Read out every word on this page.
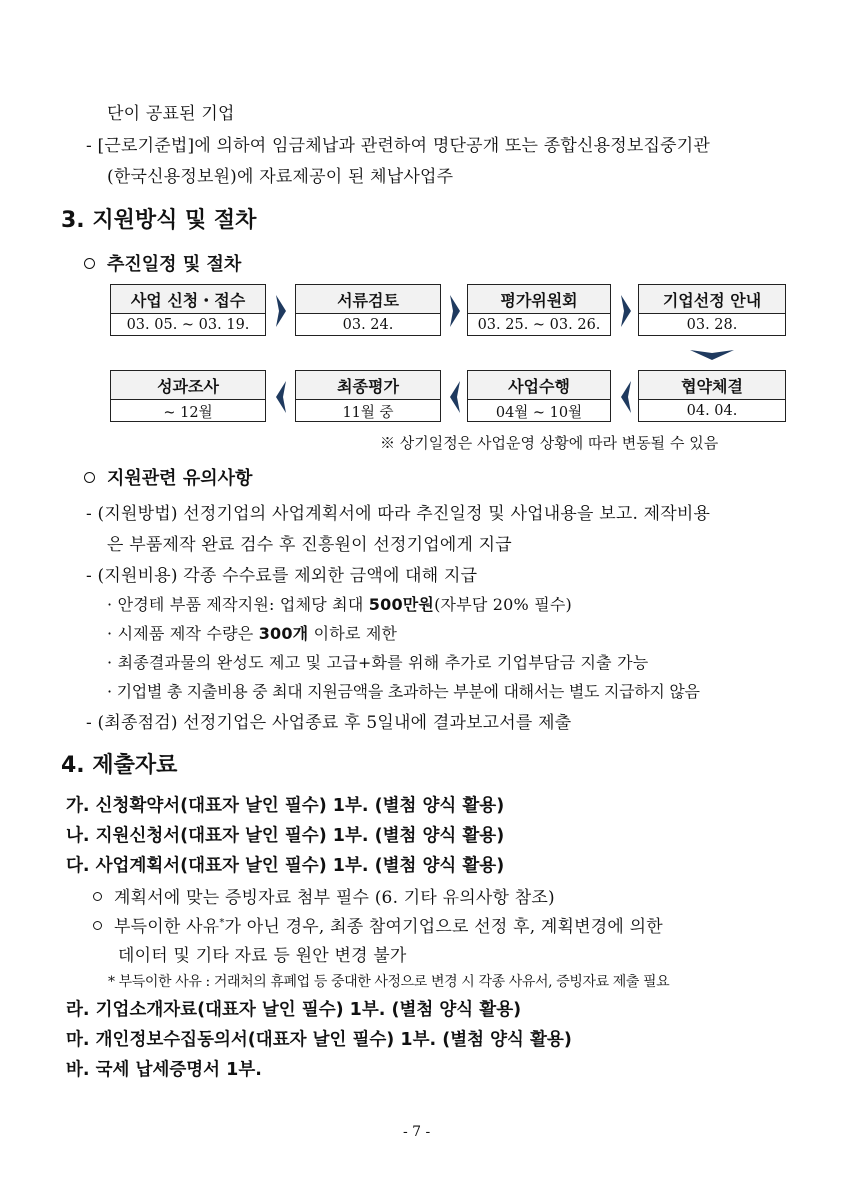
단이 공표된 기업
- [근로기준법]에 의하여 임금체납과 관련하여 명단공개 또는 종합신용정보집중기관
(한국신용정보원)에 자료제공이 된 체납사업주
3. 지원방식 및 절차
추진일정 및 절차
사업 신청・접수
03. 05. ~ 03. 19.
서류검토
03. 24.
평가위원회
03. 25. ~ 03. 26.
기업선정 안내
03. 28.
성과조사
~ 12월
최종평가
11월 중
사업수행
04월 ~ 10월
협약체결
04. 04.
※ 상기일정은 사업운영 상황에 따라 변동될 수 있음
지원관련 유의사항
- (지원방법) 선정기업의 사업계획서에 따라 추진일정 및 사업내용을 보고. 제작비용
은 부품제작 완료 검수 후 진흥원이 선정기업에게 지급
- (지원비용) 각종 수수료를 제외한 금액에 대해 지급
· 안경테 부품 제작지원: 업체당 최대 500만원(자부담 20% 필수)
· 시제품 제작 수량은 300개 이하로 제한
· 최종결과물의 완성도 제고 및 고급+화를 위해 추가로 기업부담금 지출 가능
· 기업별 총 지출비용 중 최대 지원금액을 초과하는 부분에 대해서는 별도 지급하지 않음
- (최종점검) 선정기업은 사업종료 후 5일내에 결과보고서를 제출
4. 제출자료
가. 신청확약서(대표자 날인 필수) 1부. (별첨 양식 활용)
나. 지원신청서(대표자 날인 필수) 1부. (별첨 양식 활용)
다. 사업계획서(대표자 날인 필수) 1부. (별첨 양식 활용)
계획서에 맞는 증빙자료 첨부 필수 (6. 기타 유의사항 참조)
부득이한 사유*가 아닌 경우, 최종 참여기업으로 선정 후, 계획변경에 의한
데이터 및 기타 자료 등 원안 변경 불가
* 부득이한 사유 : 거래처의 휴폐업 등 중대한 사정으로 변경 시 각종 사유서, 증빙자료 제출 필요
라. 기업소개자료(대표자 날인 필수) 1부. (별첨 양식 활용)
마. 개인정보수집동의서(대표자 날인 필수) 1부. (별첨 양식 활용)
바. 국세 납세증명서 1부.
- 7 -
